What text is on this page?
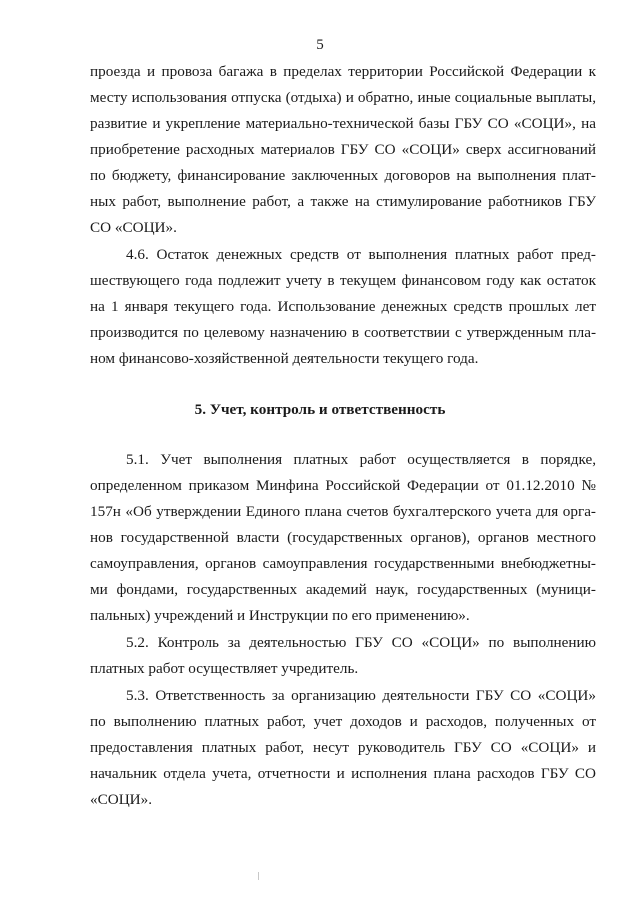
5
проезда и провоза багажа в пределах территории Российской Федерации к
месту использования отпуска (отдыха) и обратно, иные социальные выплаты,
развитие и укрепление материально-технической базы ГБУ СО «СОЦИ», на
приобретение расходных материалов ГБУ СО «СОЦИ» сверх ассигнований
по бюджету, финансирование заключенных договоров на выполнения плат-
ных работ, выполнение работ, а также на стимулирование работников ГБУ
СО «СОЦИ».
4.6. Остаток денежных средств от выполнения платных работ пред-
шествующего года подлежит учету в текущем финансовом году как остаток
на 1 января текущего года. Использование денежных средств прошлых лет
производится по целевому назначению в соответствии с утвержденным пла-
ном финансово-хозяйственной деятельности текущего года.
5. Учет, контроль и ответственность
5.1. Учет выполнения платных работ осуществляется в порядке,
определенном приказом Минфина Российской Федерации от 01.12.2010 №
157н «Об утверждении Единого плана счетов бухгалтерского учета для орга-
нов государственной власти (государственных органов), органов местного
самоуправления, органов самоуправления государственными внебюджетны-
ми фондами, государственных академий наук, государственных (муници-
пальных) учреждений и Инструкции по его применению».
5.2. Контроль за деятельностью ГБУ СО «СОЦИ» по выполнению
платных работ осуществляет учредитель.
5.3. Ответственность за организацию деятельности ГБУ СО «СОЦИ»
по выполнению платных работ, учет доходов и расходов, полученных от
предоставления платных работ, несут руководитель ГБУ СО «СОЦИ» и
начальник отдела учета, отчетности и исполнения плана расходов ГБУ СО
«СОЦИ».
